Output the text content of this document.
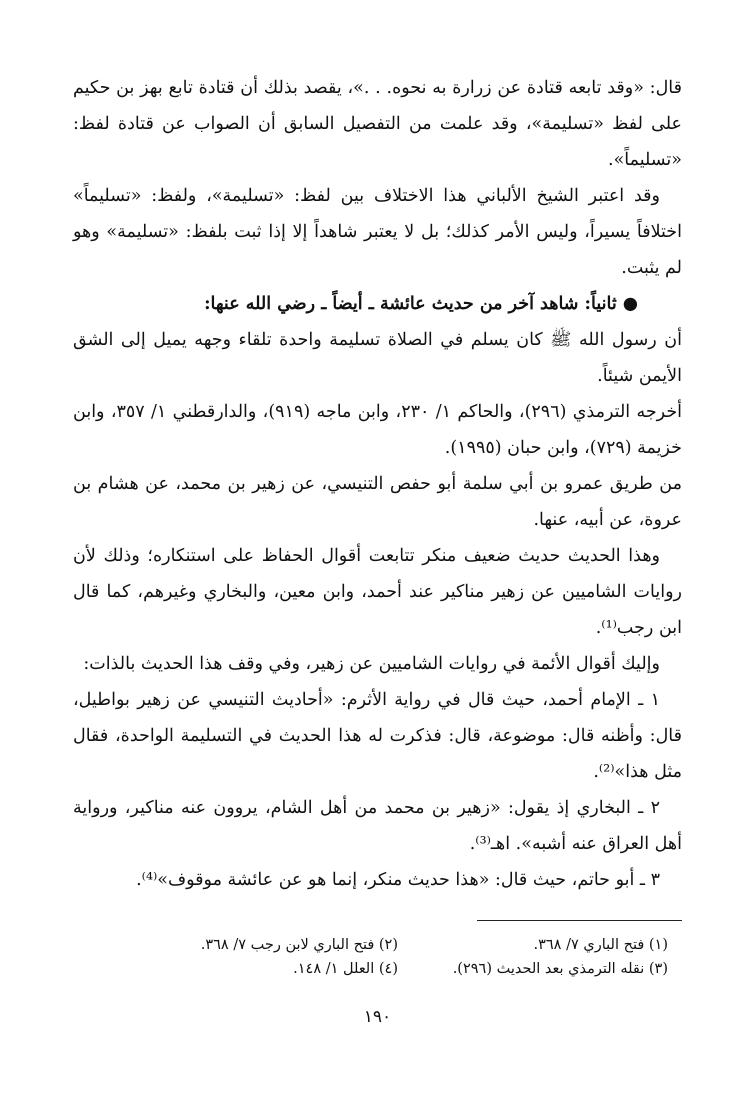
قال: «وقد تابعه قتادة عن زرارة به نحوه. . .»، يقصد بذلك أن قتادة تابع بهز بن حكيم على لفظ «تسليمة»، وقد علمت من التفصيل السابق أن الصواب عن قتادة لفظ: «تسليماً».

وقد اعتبر الشيخ الألباني هذا الاختلاف بين لفظ: «تسليمة»، ولفظ: «تسليماً» اختلافاً يسيراً، وليس الأمر كذلك؛ بل لا يعتبر شاهداً إلا إذا ثبت بلفظ: «تسليمة» وهو لم يثبت.

●ثانياً: شاهد آخر من حديث عائشة ـ أيضاً ـ رضي الله عنها:

أن رسول الله ﷺ كان يسلم في الصلاة تسليمة واحدة تلقاء وجهه يميل إلى الشق الأيمن شيئاً.

أخرجه الترمذي (٢٩٦)، والحاكم ١/ ٢٣٠، وابن ماجه (٩١٩)، والدارقطني ١/ ٣٥٧، وابن خزيمة (٧٢٩)، وابن حبان (١٩٩٥).

من طريق عمرو بن أبي سلمة أبو حفص التنيسي، عن زهير بن محمد، عن هشام بن عروة، عن أبيه، عنها.

وهذا الحديث حديث ضعيف منكر تتابعت أقوال الحفاظ على استنكاره؛ وذلك لأن روايات الشاميين عن زهير مناكير عند أحمد، وابن معين، والبخاري وغيرهم، كما قال ابن رجب⁽¹⁾.

وإليك أقوال الأئمة في روايات الشاميين عن زهير، وفي وقف هذا الحديث بالذات:

١ ـ الإمام أحمد، حيث قال في رواية الأثرم: «أحاديث التنيسي عن زهير بواطيل، قال: وأظنه قال: موضوعة، قال: فذكرت له هذا الحديث في التسليمة الواحدة، فقال مثل هذا»⁽²⁾.

٢ ـ البخاري إذ يقول: «زهير بن محمد من أهل الشام، يروون عنه مناكير، ورواية أهل العراق عنه أشبه». اهـ⁽³⁾.

٣ ـ أبو حاتم، حيث قال: «هذا حديث منكر، إنما هو عن عائشة موقوف»⁽⁴⁾.

(١) فتح الباري ٧/ ٣٦٨.
(٢) فتح الباري لابن رجب ٧/ ٣٦٨.
(٣) نقله الترمذي بعد الحديث (٢٩٦).
(٤) العلل ١/ ١٤٨.
١٩٠
